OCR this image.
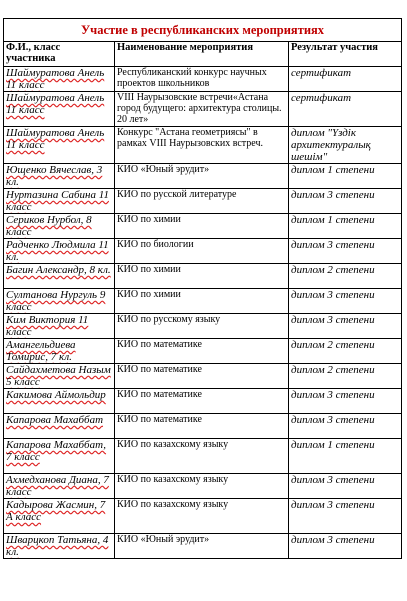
Участие в республиканских мероприятиях		
Ф.И., класс участника	Наименование мероприятия	Результат участия
Шаймуратова Анель 11 класс	Республиканский конкурс научных проектов школьников	сертификат
Шаймуратова Анель 11 класс	VIII Наурызовские встречи«Астана город будущего: архитектура столицы. 20 лет»	сертификат
Шаймуратова Анель 11 класс	Конкурс "Астана геометриясы" в рамках VIII Наурызовских встреч.	диплом "Үздік архитектуралық шешім"
Ющенко Вячеслав, 3 кл.	КИО «Юный эрудит»	диплом 1 степени
Нуртазина Сабина 11 класс	КИО по русской литературе	диплом 3 степени
Сериков Нурбол, 8 класс	КИО по химии	диплом 1 степени
Радченко Людмила 11 кл.	КИО по биологии	диплом 3 степени
Багин Александр, 8 кл.	КИО по химии	диплом 2 степени
Султанова Нургуль 9 класс	КИО по химии	диплом 3 степени
Ким Виктория 11 класс	КИО по русскому языку	диплом 3 степени
Амангельдиева Томирис, 7 кл.	КИО по математике	диплом 2 степени
Сайдахметова Назым 5 класс	КИО по математике	диплом 2 степени
Какимова Аймольдир	КИО по математике	диплом 3 степени
Капарова Махаббат	КИО по математике	диплом 3 степени
Капарова Махаббат, 7 класс	КИО по казахскому языку	диплом 1 степени
Ахмедханова Диана, 7 класс	КИО по казахскому языку	диплом 3 степени
Кадырова Жасмин, 7 А класс	КИО по казахскому языку	диплом 3 степени
Шварцкоп Татьяна, 4 кл.	КИО «Юный эрудит»	диплом 3 степени
